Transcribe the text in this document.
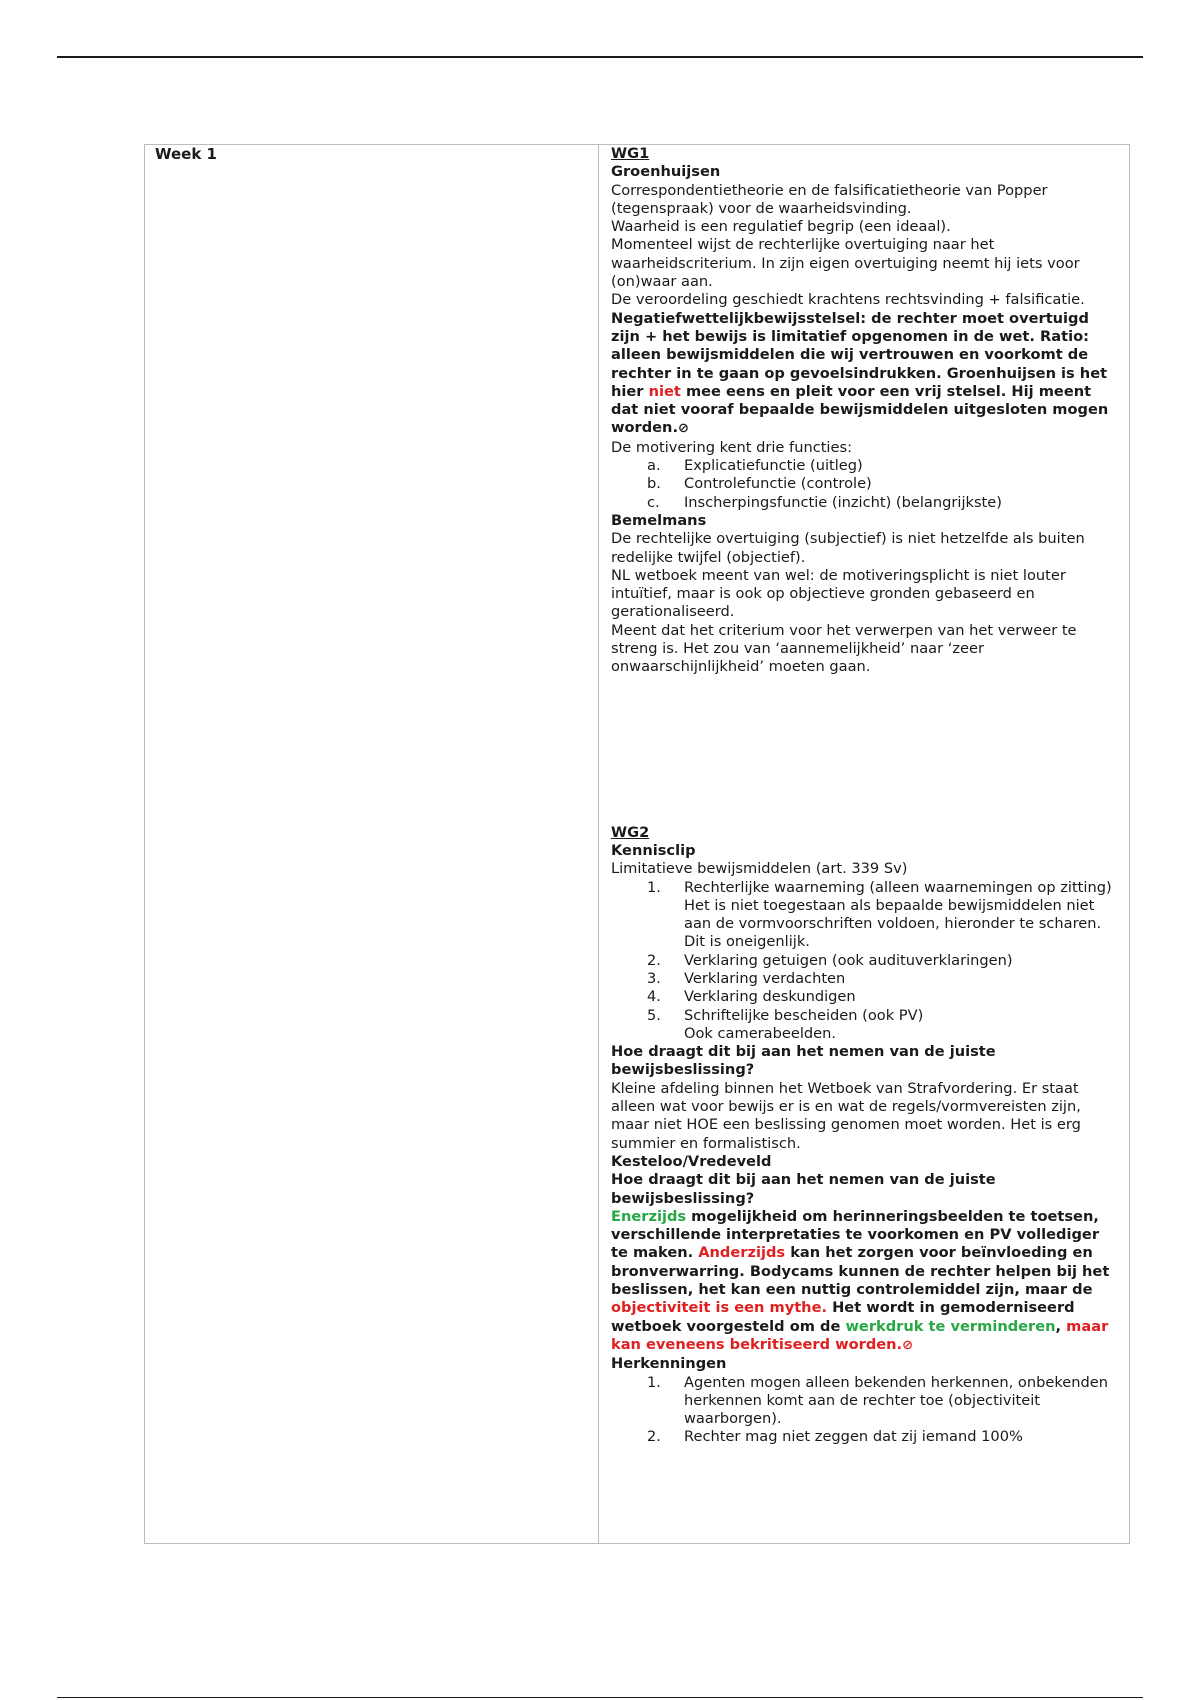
Week 1	WG1
Groenhuijsen

Correspondentietheorie en de falsificatietheorie van Popper (tegenspraak) voor de waarheidsvinding.

Waarheid is een regulatief begrip (een ideaal).

Momenteel wijst de rechterlijke overtuiging naar het waarheidscriterium. In zijn eigen overtuiging neemt hij iets voor (on)waar aan.

De veroordeling geschiedt krachtens rechtsvinding + falsificatie.

Negatiefwettelijkbewijsstelsel: de rechter moet overtuigd zijn + het bewijs is limitatief opgenomen in de wet. Ratio: alleen bewijsmiddelen die wij vertrouwen en voorkomt de rechter in te gaan op gevoelsindrukken. Groenhuijsen is het hier niet mee eens en pleit voor een vrij stelsel. Hij meent dat niet vooraf bepaalde bewijsmiddelen uitgesloten mogen worden.⊘

De motivering kent drie functies:

a. Explicatiefunctie (uitleg)
b. Controlefunctie (controle)
c. Inscherpingsfunctie (inzicht) (belangrijkste)
Bemelmans

De rechtelijke overtuiging (subjectief) is niet hetzelfde als buiten redelijke twijfel (objectief).

NL wetboek meent van wel: de motiveringsplicht is niet louter intuïtief, maar is ook op objectieve gronden gebaseerd en gerationaliseerd.

Meent dat het criterium voor het verwerpen van het verweer te streng is. Het zou van ‘aannemelijkheid’ naar ‘zeer onwaarschijnlijkheid’ moeten gaan.

WG2
Kennisclip

Limitatieve bewijsmiddelen (art. 339 Sv)

1. Rechterlijke waarneming (alleen waarnemingen op zitting)
Het is niet toegestaan als bepaalde bewijsmiddelen niet aan de vormvoorschriften voldoen, hieronder te scharen. Dit is oneigenlijk.
2. Verklaring getuigen (ook audituverklaringen)
3. Verklaring verdachten
4. Verklaring deskundigen
5. Schriftelijke bescheiden (ook PV)
Ook camerabeelden.
Hoe draagt dit bij aan het nemen van de juiste bewijsbeslissing?

Kleine afdeling binnen het Wetboek van Strafvordering. Er staat alleen wat voor bewijs er is en wat de regels/vormvereisten zijn, maar niet HOE een beslissing genomen moet worden. Het is erg summier en formalistisch.

Kesteloo/Vredeveld
Hoe draagt dit bij aan het nemen van de juiste bewijsbeslissing?

Enerzijds mogelijkheid om herinneringsbeelden te toetsen, verschillende interpretaties te voorkomen en PV vollediger te maken. Anderzijds kan het zorgen voor beïnvloeding en bronverwarring. Bodycams kunnen de rechter helpen bij het beslissen, het kan een nuttig controlemiddel zijn, maar de objectiviteit is een mythe. Het wordt in gemoderniseerd wetboek voorgesteld om de werkdruk te verminderen, maar kan eveneens bekritiseerd worden.⊘

Herkenningen
1. Agenten mogen alleen bekenden herkennen, onbekenden herkennen komt aan de rechter toe (objectiviteit waarborgen).
2. Rechter mag niet zeggen dat zij iemand 100%
